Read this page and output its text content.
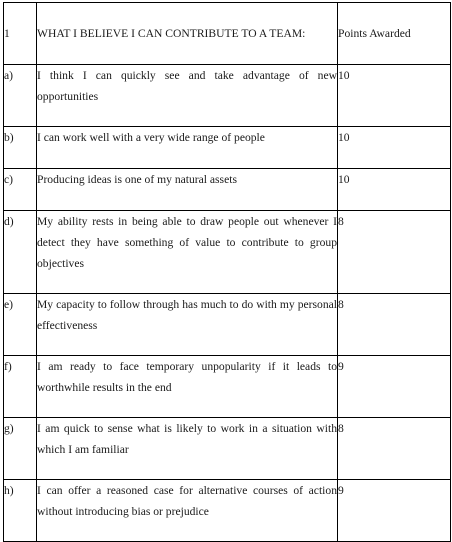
1	WHAT I BELIEVE I CAN CONTRIBUTE TO A TEAM:	Points Awarded
a)	I think I can quickly see and take advantage of new opportunities	10
b)	I can work well with a very wide range of people	10
c)	Producing ideas is one of my natural assets	10
d)	My ability rests in being able to draw people out whenever I detect they have something of value to contribute to group objectives	8
e)	My capacity to follow through has much to do with my personal effectiveness	8
f)	I am ready to face temporary unpopularity if it leads to worthwhile results in the end	9
g)	I am quick to sense what is likely to work in a situation with which I am familiar	8
h)	I can offer a reasoned case for alternative courses of action without introducing bias or prejudice	9
